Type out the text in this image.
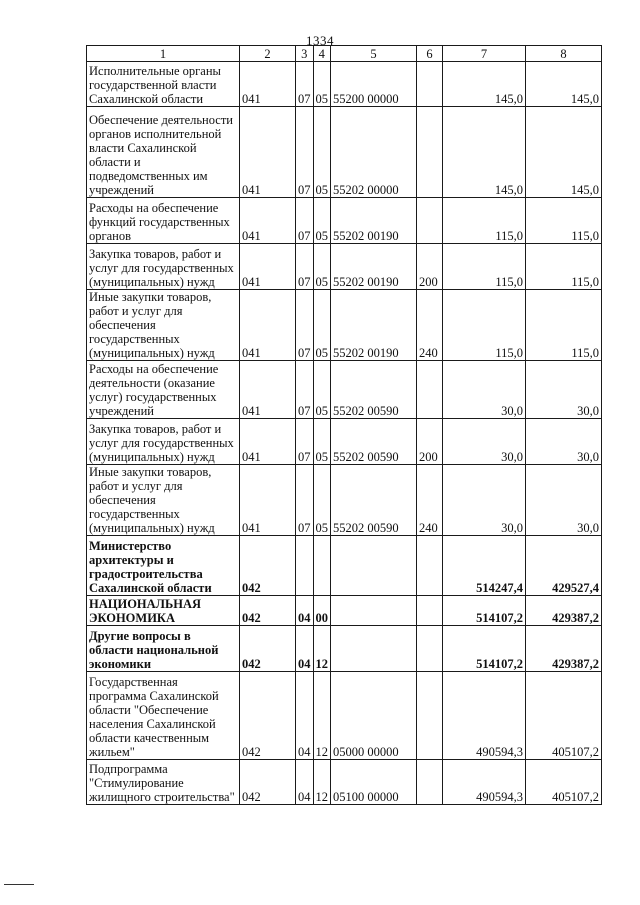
1334
1	2	3	4	5	6	7	8
Исполнительные органы государственной власти Сахалинской области	041	07	05	55200 00000		145,0	145,0
Обеспечение деятельности органов исполнительной власти Сахалинской области и подведомственных им учреждений	041	07	05	55202 00000		145,0	145,0
Расходы на обеспечение функций государственных органов	041	07	05	55202 00190		115,0	115,0
Закупка товаров, работ и услуг для государственных (муниципальных) нужд	041	07	05	55202 00190	200	115,0	115,0
Иные закупки товаров, работ и услуг для обеспечения государственных (муниципальных) нужд	041	07	05	55202 00190	240	115,0	115,0
Расходы на обеспечение деятельности (оказание услуг) государственных учреждений	041	07	05	55202 00590		30,0	30,0
Закупка товаров, работ и услуг для государственных (муниципальных) нужд	041	07	05	55202 00590	200	30,0	30,0
Иные закупки товаров, работ и услуг для обеспечения государственных (муниципальных) нужд	041	07	05	55202 00590	240	30,0	30,0
Министерство архитектуры и градостроительства Сахалинской области	042					514247,4	429527,4
НАЦИОНАЛЬНАЯ ЭКОНОМИКА	042	04	00			514107,2	429387,2
Другие вопросы в области национальной экономики	042	04	12			514107,2	429387,2
Государственная программа Сахалинской области "Обеспечение населения Сахалинской области качественным жильем"	042	04	12	05000 00000		490594,3	405107,2
Подпрограмма "Стимулирование жилищного строительства"	042	04	12	05100 00000		490594,3	405107,2
